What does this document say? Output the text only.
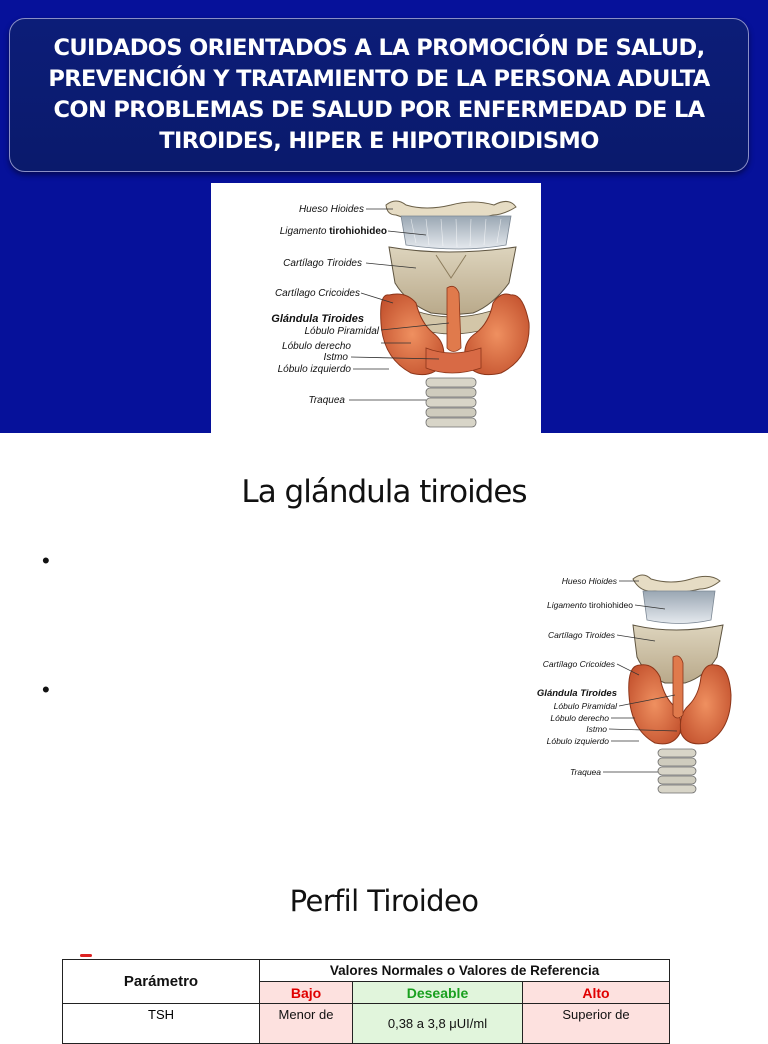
CUIDADOS ORIENTADOS A LA PROMOCIÓN DE SALUD,
PREVENCIÓN Y TRATAMIENTO DE LA PERSONA ADULTA
CON PROBLEMAS DE SALUD POR ENFERMEDAD DE LA
TIROIDES, HIPER E HIPOTIROIDISMO
Hueso Hioides
Ligamento tirohiohideo
Cartílago Tiroides
Cartílago Cricoides
Glándula Tiroides
Lóbulo Piramidal
Lóbulo derecho
Istmo
Lóbulo izquierdo
Traquea
La glándula tiroides
•
•
Hueso Hioides
Ligamento tirohiohideo
Cartílago Tiroides
Cartílago Cricoides
Glándula Tiroides
Lóbulo Piramidal
Lóbulo derecho
Istmo
Lóbulo izquierdo
Traquea
Perfil Tiroideo
Parámetro	Valores Normales o Valores de Referencia		
	Bajo	Deseable	Alto
TSH	Menor de	0,38 a 3,8 μUI/ml	Superior de
